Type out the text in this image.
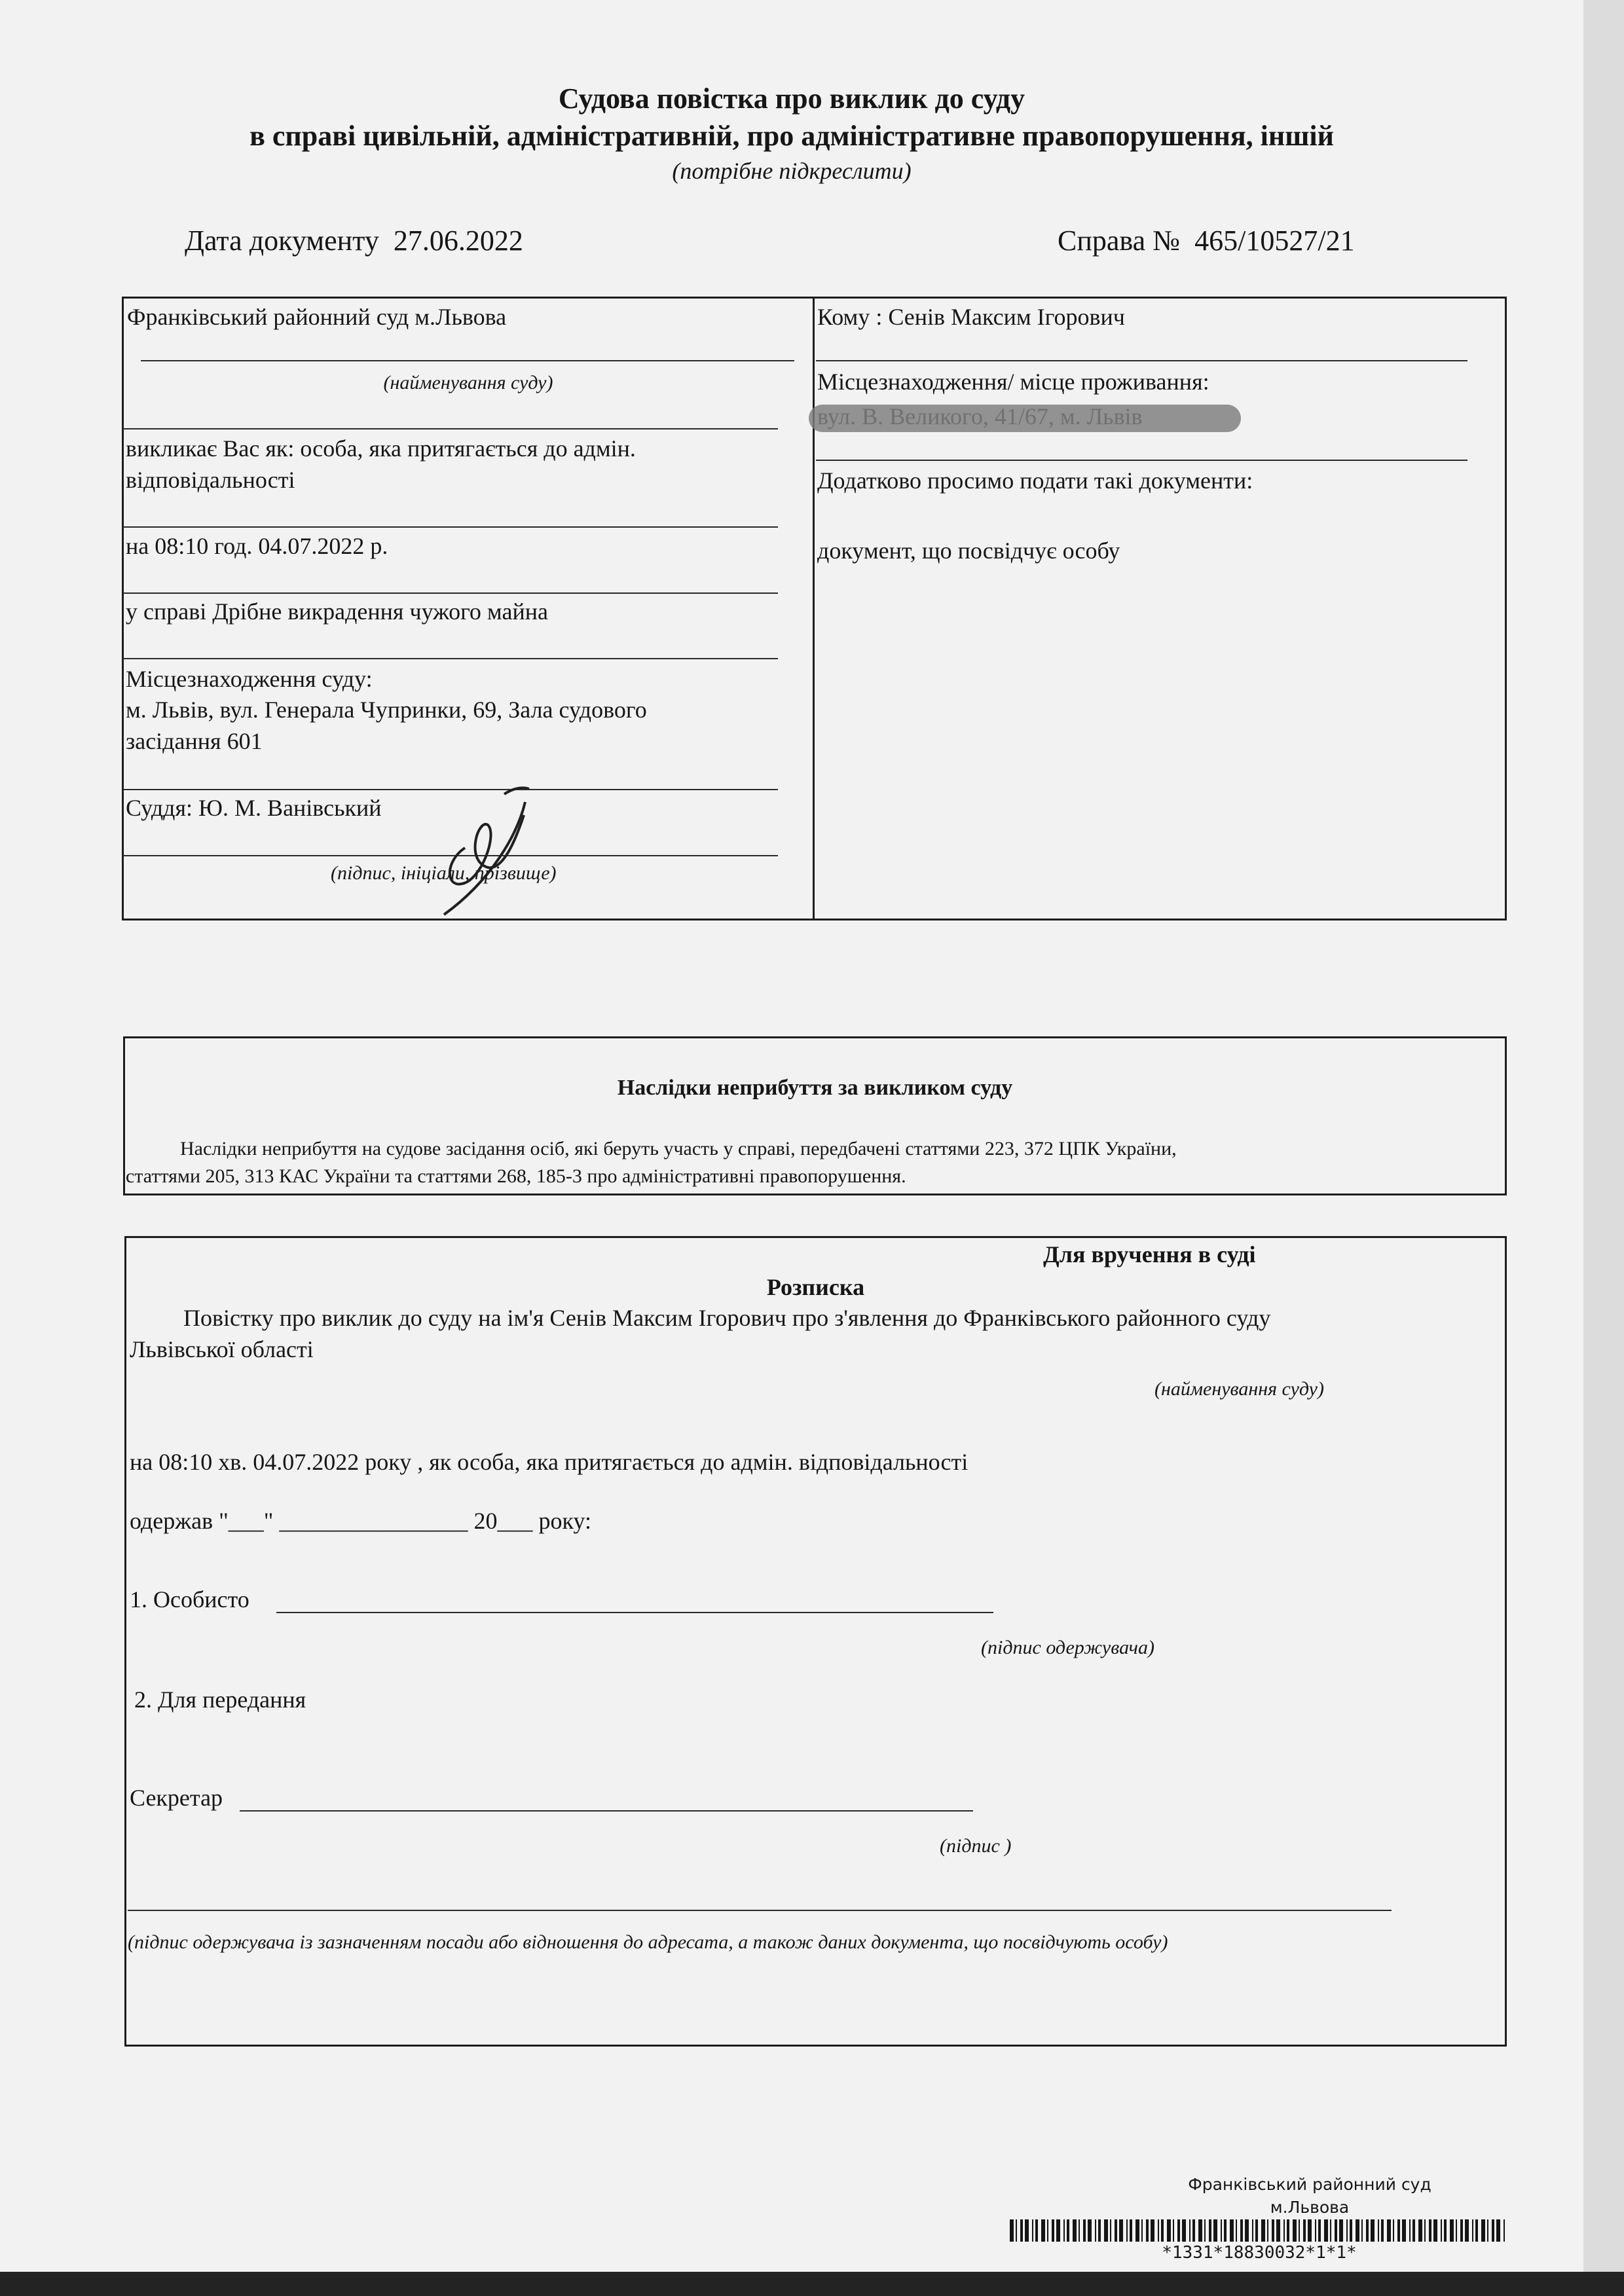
Судова повістка про виклик до суду
в справі цивільній, адміністративній, про адміністративне правопорушення, іншій
(потрібне підкреслити)
Дата документу 27.06.2022	Справа № 465/10527/21
Франківський районний суд м.Львова
(найменування суду)
викликає Вас як: особа, яка притягається до адмін.
відповідальності
на 08:10 год. 04.07.2022 р.
у справі Дрібне викрадення чужого майна
Місцезнаходження суду:
м. Львів, вул. Генерала Чупринки, 69, Зала судового
засідання 601
Суддя: Ю. М. Ванівський
(підпис, ініціали, прізвище)
Кому : Сенів Максим Ігорович
Місцезнаходження/ місце проживання:
Додатково просимо подати такі документи:
документ, що посвідчує особу
Наслідки неприбуття за викликом суду
Наслідки неприбуття на судове засідання осіб, які беруть участь у справі, передбачені статтями 223, 372 ЦПК України,
статтями 205, 313 КАС України та статтями 268, 185-3 про адміністративні правопорушення.
Для вручення в суді
Розписка
Повістку про виклик до суду на ім'я Сенів Максим Ігорович про з'явлення до Франківського районного суду
Львівської області
(найменування суду)
на 08:10 хв. 04.07.2022 року , як особа, яка притягається до адмін. відповідальності
одержав "___" ________________ 20___ року:
1. Особисто
(підпис одержувача)
2. Для передання
Секретар
(підпис )
(підпис одержувача із зазначенням посади або відношення до адресата, а також даних документа, що посвідчують особу)
Франківський районний суд
м.Львова
*1331*18830032*1*1*
